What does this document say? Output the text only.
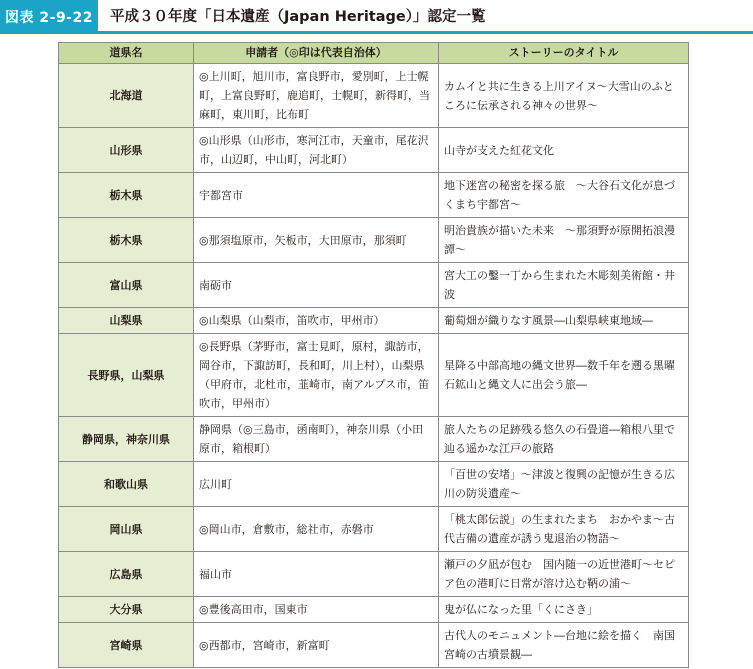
図表 2-9-22	平成３０年度「日本遺産（Japan Heritage）」認定一覧
道県名	申請者（◎印は代表自治体）	ストーリーのタイトル
北海道	◎上川町，旭川市，富良野市，愛別町，上士幌町，上富良野町，鹿追町，士幌町，新得町，当麻町，東川町，比布町	カムイと共に生きる上川アイヌ〜大雪山のふところに伝承される神々の世界〜
山形県	◎山形県（山形市，寒河江市，天童市，尾花沢市，山辺町，中山町，河北町）	山寺が支えた紅花文化
栃木県	宇都宮市	地下迷宮の秘密を探る旅　〜大谷石文化が息づくまち宇都宮〜
栃木県	◎那須塩原市，矢板市，大田原市，那須町	明治貴族が描いた未来　〜那須野が原開拓浪漫譚〜
富山県	南砺市	宮大工の鑿一丁から生まれた木彫刻美術館・井波
山梨県	◎山梨県（山梨市，笛吹市，甲州市）	葡萄畑が織りなす風景―山梨県峡東地域―
長野県，山梨県	◎長野県（茅野市，富士見町，原村，諏訪市，岡谷市，下諏訪町，長和町，川上村），山梨県（甲府市，北杜市，韮崎市，南アルプス市，笛吹市，甲州市）	星降る中部高地の縄文世界―数千年を遡る黒曜石鉱山と縄文人に出会う旅―
静岡県，神奈川県	静岡県（◎三島市，函南町），神奈川県（小田原市，箱根町）	旅人たちの足跡残る悠久の石畳道―箱根八里で辿る遥かな江戸の旅路
和歌山県	広川町	「百世の安堵」〜津波と復興の記憶が生きる広川の防災遺産〜
岡山県	◎岡山市，倉敷市，総社市，赤磐市	「桃太郎伝説」の生まれたまち　おかやま〜古代吉備の遺産が誘う鬼退治の物語〜
広島県	福山市	瀬戸の夕凪が包む　国内随一の近世港町〜セピア色の港町に日常が溶け込む鞆の浦〜
大分県	◎豊後高田市，国東市	鬼が仏になった里「くにさき」
宮崎県	◎西都市，宮崎市，新富町	古代人のモニュメント―台地に絵を描く　南国宮崎の古墳景観―
